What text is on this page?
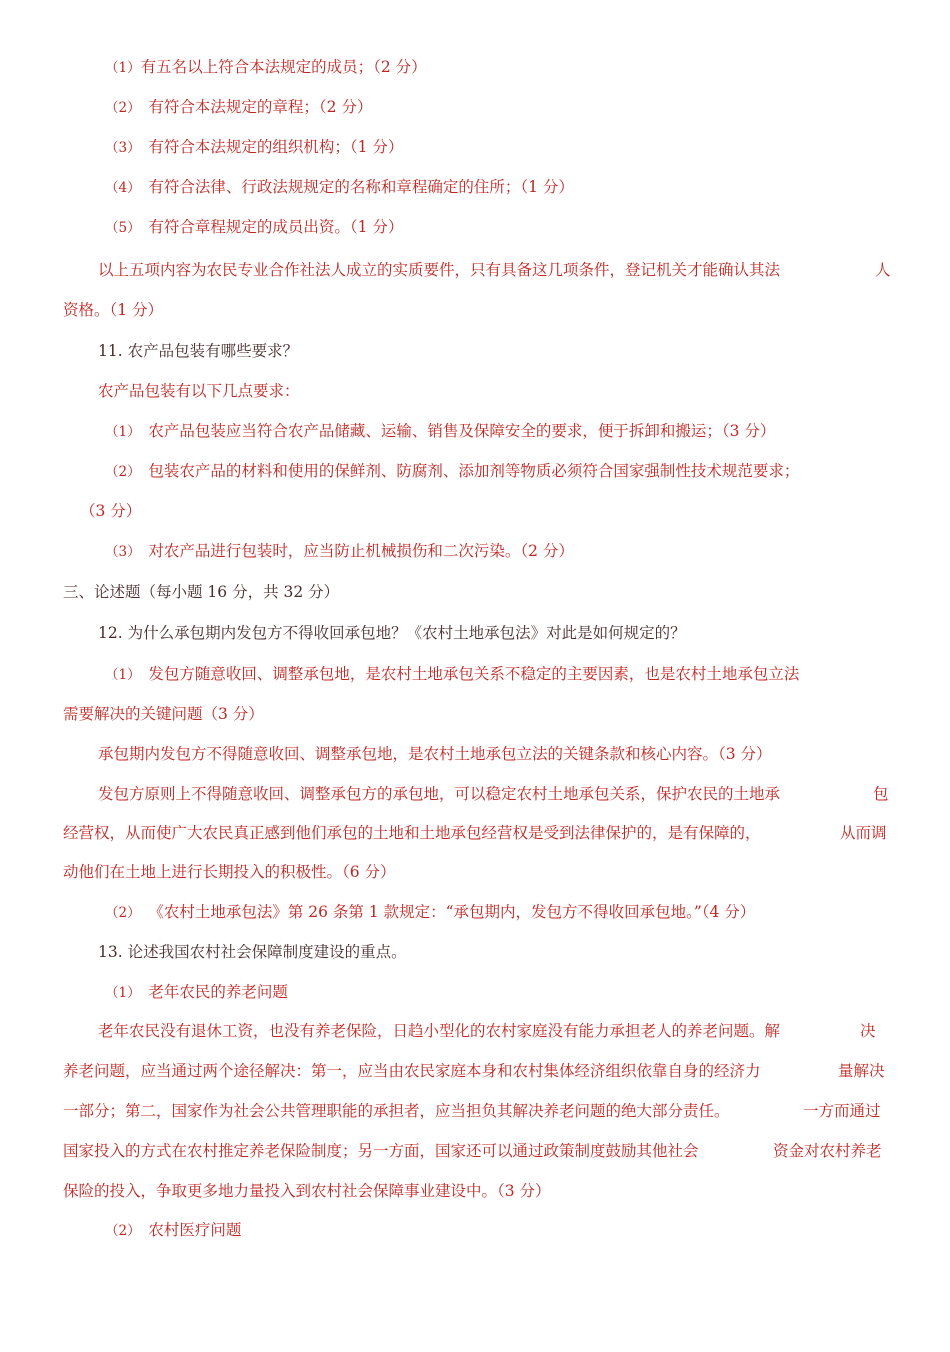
（1）有五名以上符合本法规定的成员；（2 分）
（2）  有符合本法规定的章程；（2 分）
（3）  有符合本法规定的组织机构；（1 分）
（4）  有符合法律、行政法规规定的名称和章程确定的住所；（1 分）
（5）  有符合章程规定的成员出资。（1 分）
以上五项内容为农民专业合作社法人成立的实质要件，只有具备这几项条件，登记机关才能确认其法	人
资格。（1 分）
11. 农产品包装有哪些要求？
农产品包装有以下几点要求：
（1）  农产品包装应当符合农产品储藏、运输、销售及保障安全的要求，便于拆卸和搬运；（3 分）
（2）  包装农产品的材料和使用的保鲜剂、防腐剂、添加剂等物质必须符合国家强制性技术规范要求；
（3 分）
（3）  对农产品进行包装时，应当防止机械损伤和二次污染。（2 分）
三、论述题（每小题 16 分，共 32 分）
12. 为什么承包期内发包方不得收回承包地？《农村土地承包法》对此是如何规定的？
（1）  发包方随意收回、调整承包地，是农村土地承包关系不稳定的主要因素，也是农村土地承包立法
需要解决的关键问题（3 分）
承包期内发包方不得随意收回、调整承包地，是农村土地承包立法的关键条款和核心内容。（3 分）
发包方原则上不得随意收回、调整承包方的承包地，可以稳定农村土地承包关系，保护农民的土地承	包
经营权，从而使广大农民真正感到他们承包的土地和土地承包经营权是受到法律保护的，是有保障的，	从而调
动他们在土地上进行长期投入的积极性。（6 分）
（2）  《农村土地承包法》第 26 条第 1 款规定：“承包期内，发包方不得收回承包地。”（4 分）
13. 论述我国农村社会保障制度建设的重点。
（1）  老年农民的养老问题
老年农民没有退休工资，也没有养老保险，日趋小型化的农村家庭没有能力承担老人的养老问题。解	决
养老问题，应当通过两个途径解决：第一，应当由农民家庭本身和农村集体经济组织依靠自身的经济力	量解决
一部分；第二，国家作为社会公共管理职能的承担者，应当担负其解决养老问题的绝大部分责任。	一方而通过
国家投入的方式在农村推定养老保险制度；另一方面，国家还可以通过政策制度鼓励其他社会	资金对农村养老
保险的投入，争取更多地力量投入到农村社会保障事业建设中。（3 分）
（2）  农村医疗问题
